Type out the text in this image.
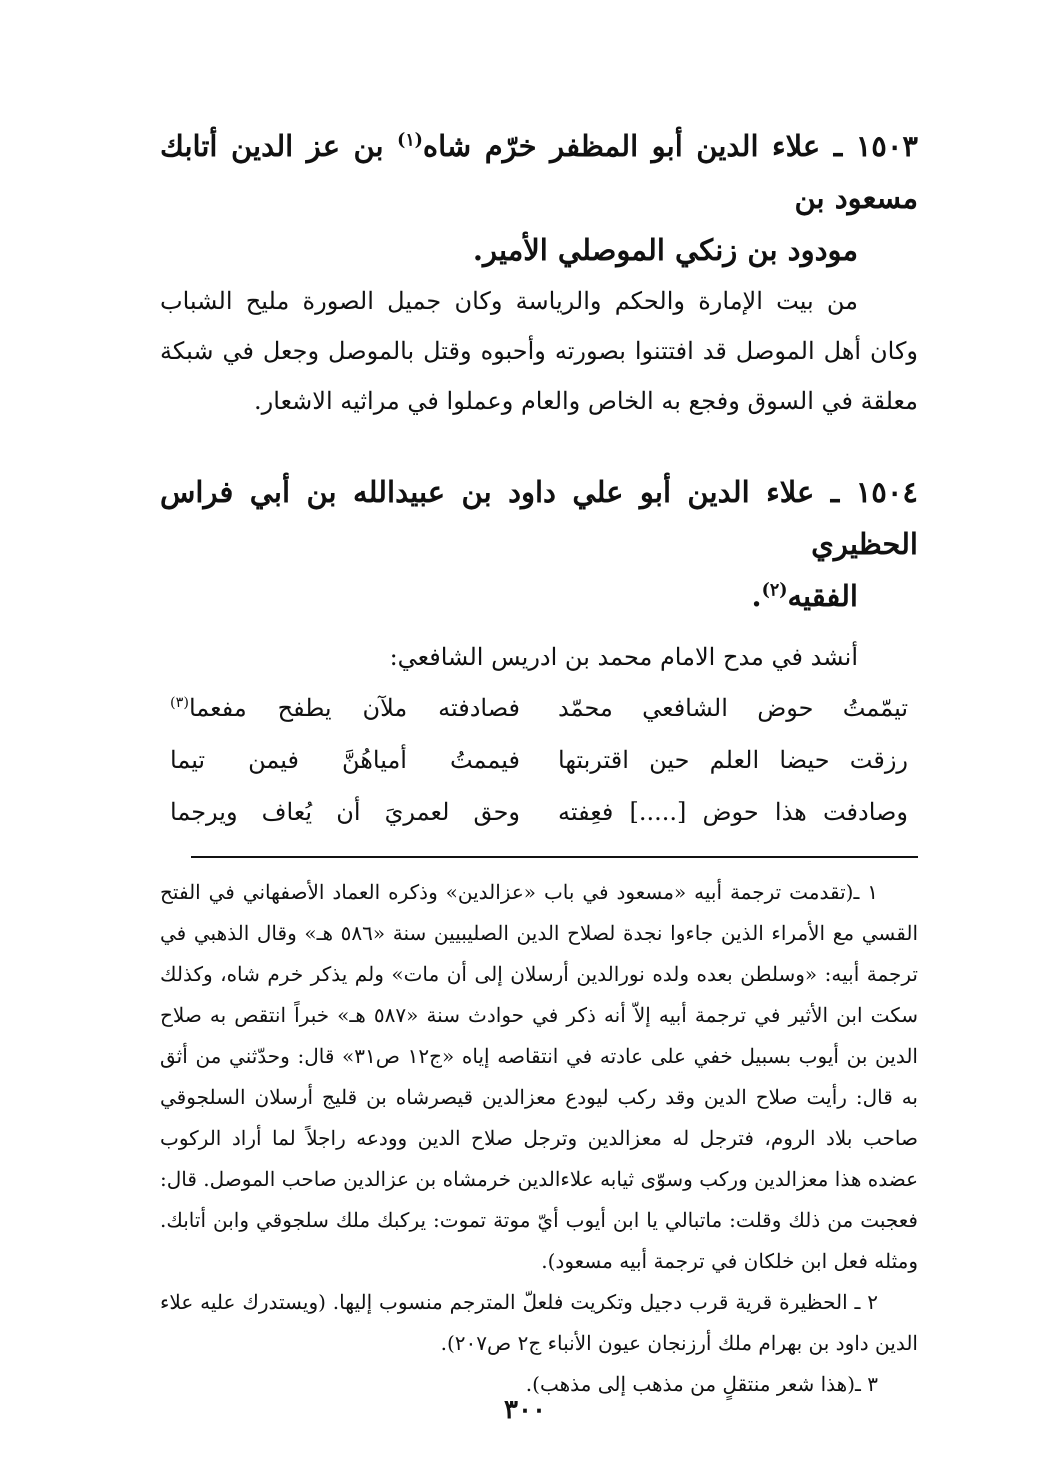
١٥٠٣ ـ علاء الدين أبو المظفر خرّم شاه$^{(١)}$ بن عز الدين أتابك مسعود بن
مودود بن زنكي الموصلي الأمير.
من بيت الإمارة والحكم والرياسة وكان جميل الصورة مليح الشباب وكان أهل الموصل قد افتتنوا بصورته وأحبوه وقتل بالموصل وجعل في شبكة معلقة في السوق وفجع به الخاص والعام وعملوا في مراثيه الاشعار.
١٥٠٤ ـ علاء الدين أبو علي داود بن عبيدالله بن أبي فراس الحظيري
الفقيه$^{(٢)}$.
أنشد في مدح الامام محمد بن ادريس الشافعي:
تيمّمتُ حوض الشافعي محمّد
فصادفته ملآن يطفح مفعما$^{(٣)}$
رزقت حيضا العلم حين اقتربتها
فيممتُ أمياهُنَّ فيمن تيما
وصادفت هذا حوض [.....] فعِفته
وحق لعمريَ أن يُعاف ويرجما
١ ـ(تقدمت ترجمة أبيه «مسعود في باب «عزالدين» وذكره العماد الأصفهاني في الفتح القسي مع الأمراء الذين جاءوا نجدة لصلاح الدين الصليبيين سنة «٥٨٦ هـ» وقال الذهبي في ترجمة أبيه: «وسلطن بعده ولده نورالدين أرسلان إلى أن مات» ولم يذكر خرم شاه، وكذلك سكت ابن الأثير في ترجمة أبيه إلاّ أنه ذكر في حوادث سنة «٥٨٧ هـ» خبراً انتقص به صلاح الدين بن أيوب بسبيل خفي على عادته في انتقاصه إياه «ج١٢ ص٣١» قال: وحدّثني من أثق به قال: رأيت صلاح الدين وقد ركب ليودع معزالدين قيصرشاه بن قليج أرسلان السلجوقي صاحب بلاد الروم، فترجل له معزالدين وترجل صلاح الدين وودعه راجلاً لما أراد الركوب عضده هذا معزالدين وركب وسوّى ثيابه علاءالدين خرمشاه بن عزالدين صاحب الموصل. قال: فعجبت من ذلك وقلت: ماتبالي يا ابن أيوب أيّ موتة تموت: يركبك ملك سلجوقي وابن أتابك. ومثله فعل ابن خلكان في ترجمة أبيه مسعود).
٢ ـ الحظيرة قرية قرب دجيل وتكريت فلعلّ المترجم منسوب إليها. (ويستدرك عليه علاء الدين داود بن بهرام ملك أرزنجان عيون الأنباء ج٢ ص٢٠٧).
٣ ـ(هذا شعر منتقلٍ من مذهب إلى مذهب).
٣٠٠
